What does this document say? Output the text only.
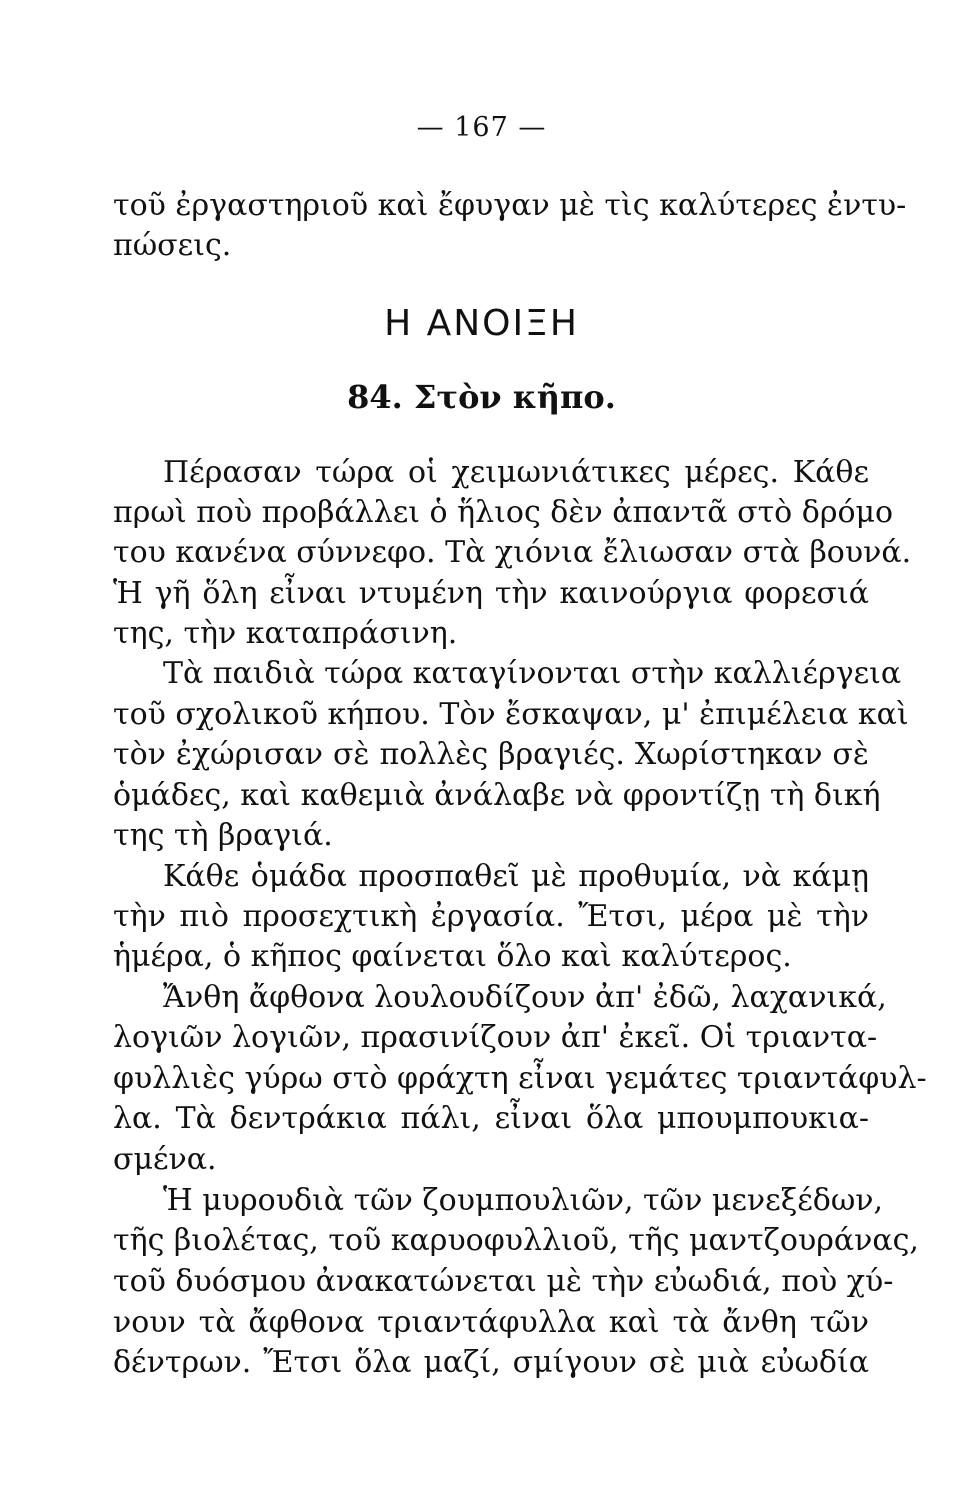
— 167 —
τοῦ ἐργαστηριοῦ καὶ ἔφυγαν μὲ τὶς καλύτερες ἐντυ-
πώσεις.
Η ΑΝΟΙΞΗ
84. Στὸν κῆπο.
Πέρασαν τώρα οἱ χειμωνιάτικες μέρες. Κάθε
πρωὶ ποὺ προβάλλει ὁ ἥλιος δὲν ἀπαντᾶ στὸ δρόμο
του κανένα σύννεφο. Τὰ χιόνια ἔλιωσαν στὰ βουνά.
Ἡ γῆ ὅλη εἶναι ντυμένη τὴν καινούργια φορεσιά
της, τὴν καταπράσινη.
Τὰ παιδιὰ τώρα καταγίνονται στὴν καλλιέργεια
τοῦ σχολικοῦ κήπου. Τὸν ἔσκαψαν, μ' ἐπιμέλεια καὶ
τὸν ἐχώρισαν σὲ πολλὲς βραγιές. Χωρίστηκαν σὲ
ὁμάδες, καὶ καθεμιὰ ἀνάλαβε νὰ φροντίζῃ τὴ δική
της τὴ βραγιά.
Κάθε ὁμάδα προσπαθεῖ μὲ προθυμία, νὰ κάμῃ
τὴν πιὸ προσεχτικὴ ἐργασία. Ἔτσι, μέρα μὲ τὴν
ἡμέρα, ὁ κῆπος φαίνεται ὅλο καὶ καλύτερος.
Ἄνθη ἄφθονα λουλουδίζουν ἀπ' ἐδῶ, λαχανικά,
λογιῶν λογιῶν, πρασινίζουν ἀπ' ἐκεῖ. Οἱ τριαντα-
φυλλιὲς γύρω στὸ φράχτη εἶναι γεμάτες τριαντάφυλ-
λα. Τὰ δεντράκια πάλι, εἶναι ὅλα μπουμπουκια-
σμένα.
Ἡ μυρουδιὰ τῶν ζουμπουλιῶν, τῶν μενεξέδων,
τῆς βιολέτας, τοῦ καρυοφυλλιοῦ, τῆς μαντζουράνας,
τοῦ δυόσμου ἀνακατώνεται μὲ τὴν εὐωδιά, ποὺ χύ-
νουν τὰ ἄφθονα τριαντάφυλλα καὶ τὰ ἄνθη τῶν
δέντρων. Ἔτσι ὅλα μαζί, σμίγουν σὲ μιὰ εὐωδία
